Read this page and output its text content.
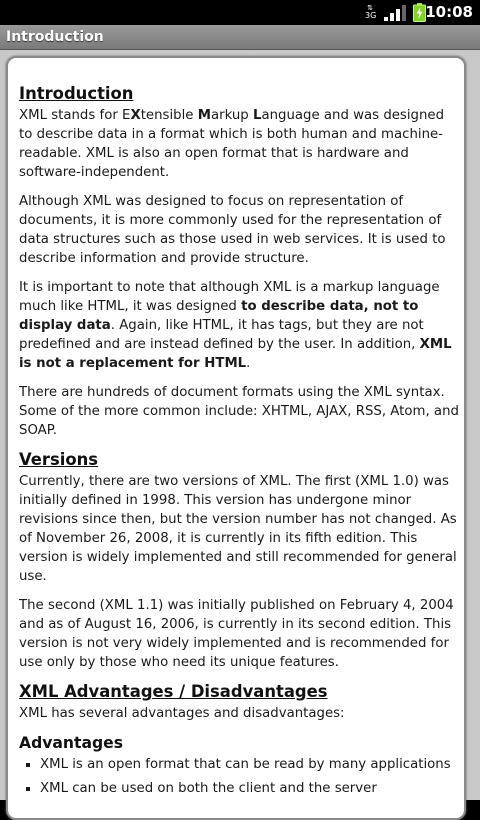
⇅
3G	10:08
Introduction
Introduction

XML stands for EXtensible Markup Language and was designed to describe data in a format which is both human and machine-readable. XML is also an open format that is hardware and software-independent.

Although XML was designed to focus on representation of documents, it is more commonly used for the representation of data structures such as those used in web services. It is used to describe information and provide structure.

It is important to note that although XML is a markup language much like HTML, it was designed to describe data, not to display data. Again, like HTML, it has tags, but they are not predefined and are instead defined by the user. In addition, XML is not a replacement for HTML.

There are hundreds of document formats using the XML syntax. Some of the more common include: XHTML, AJAX, RSS, Atom, and SOAP.

Versions

Currently, there are two versions of XML. The first (XML 1.0) was initially defined in 1998. This version has undergone minor revisions since then, but the version number has not changed. As of November 26, 2008, it is currently in its fifth edition. This version is widely implemented and still recommended for general use.

The second (XML 1.1) was initially published on February 4, 2004 and as of August 16, 2006, is currently in its second edition. This version is not very widely implemented and is recommended for use only by those who need its unique features.

XML Advantages / Disadvantages

XML has several advantages and disadvantages:

Advantages
▪ XML is an open format that can be read by many applications
▪ XML can be used on both the client and the server
